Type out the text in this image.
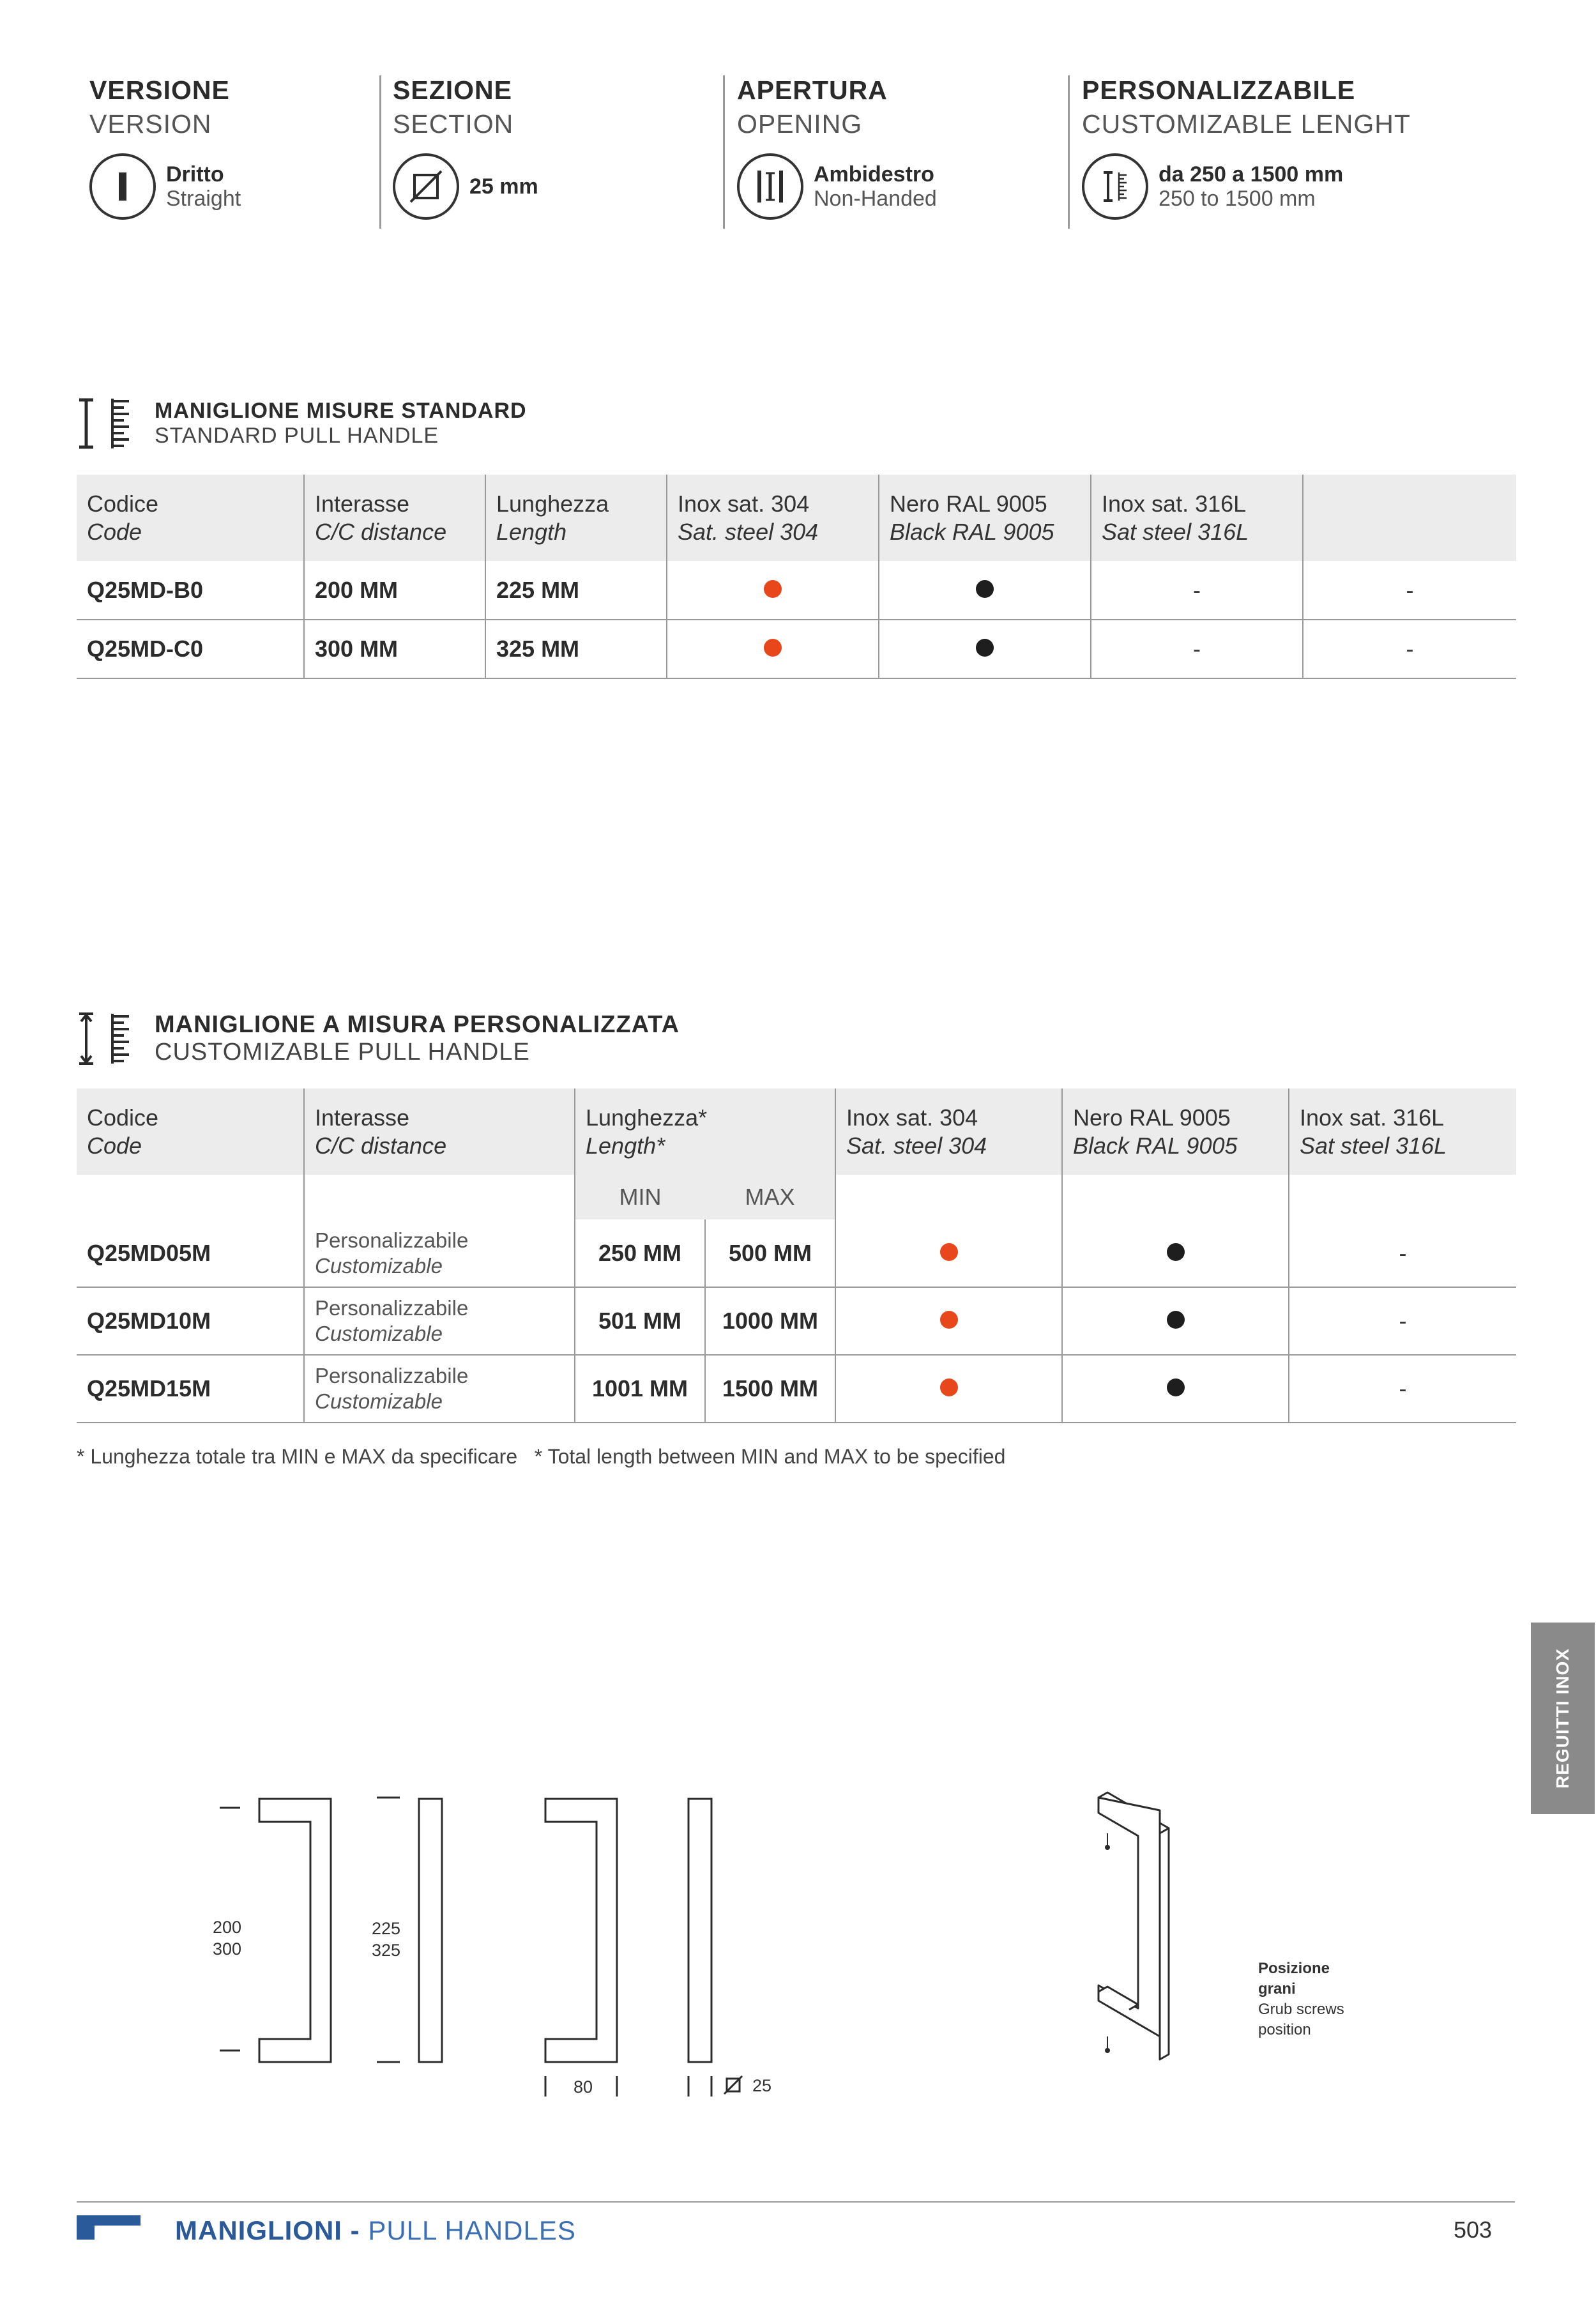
VERSIONE
VERSION
Dritto
Straight
SEZIONE
SECTION
25 mm
APERTURA
OPENING
Ambidestro
Non-Handed
PERSONALIZZABILE
CUSTOMIZABLE LENGHT
da 250 a 1500 mm
250 to 1500 mm
MANIGLIONE MISURE STANDARD
STANDARD PULL HANDLE
Codice
Code	Interasse
C/C distance	Lunghezza
Length	Inox sat. 304
Sat. steel 304	Nero RAL 9005
Black RAL 9005	Inox sat. 316L
Sat steel 316L	
Q25MD-B0	200 MM	225 MM			-	-
Q25MD-C0	300 MM	325 MM			-	-
MANIGLIONE A MISURA PERSONALIZZATA
CUSTOMIZABLE PULL HANDLE
Codice
Code	Interasse
C/C distance	Lunghezza*
Length*		Inox sat. 304
Sat. steel 304	Nero RAL 9005
Black RAL 9005	Inox sat. 316L
Sat steel 316L
		MIN	MAX			
Q25MD05M	Personalizzabile
Customizable	250 MM	500 MM			-
Q25MD10M	Personalizzabile
Customizable	501 MM	1000 MM			-
Q25MD15M	Personalizzabile
Customizable	1001 MM	1500 MM			-
* Lunghezza totale tra MIN e MAX da specificare   * Total length between MIN and MAX to be specified
REGUITTI INOX
200
300
225
325
80	25
Posizione
grani
Grub screws
position
MANIGLIONI - PULL HANDLES	503
